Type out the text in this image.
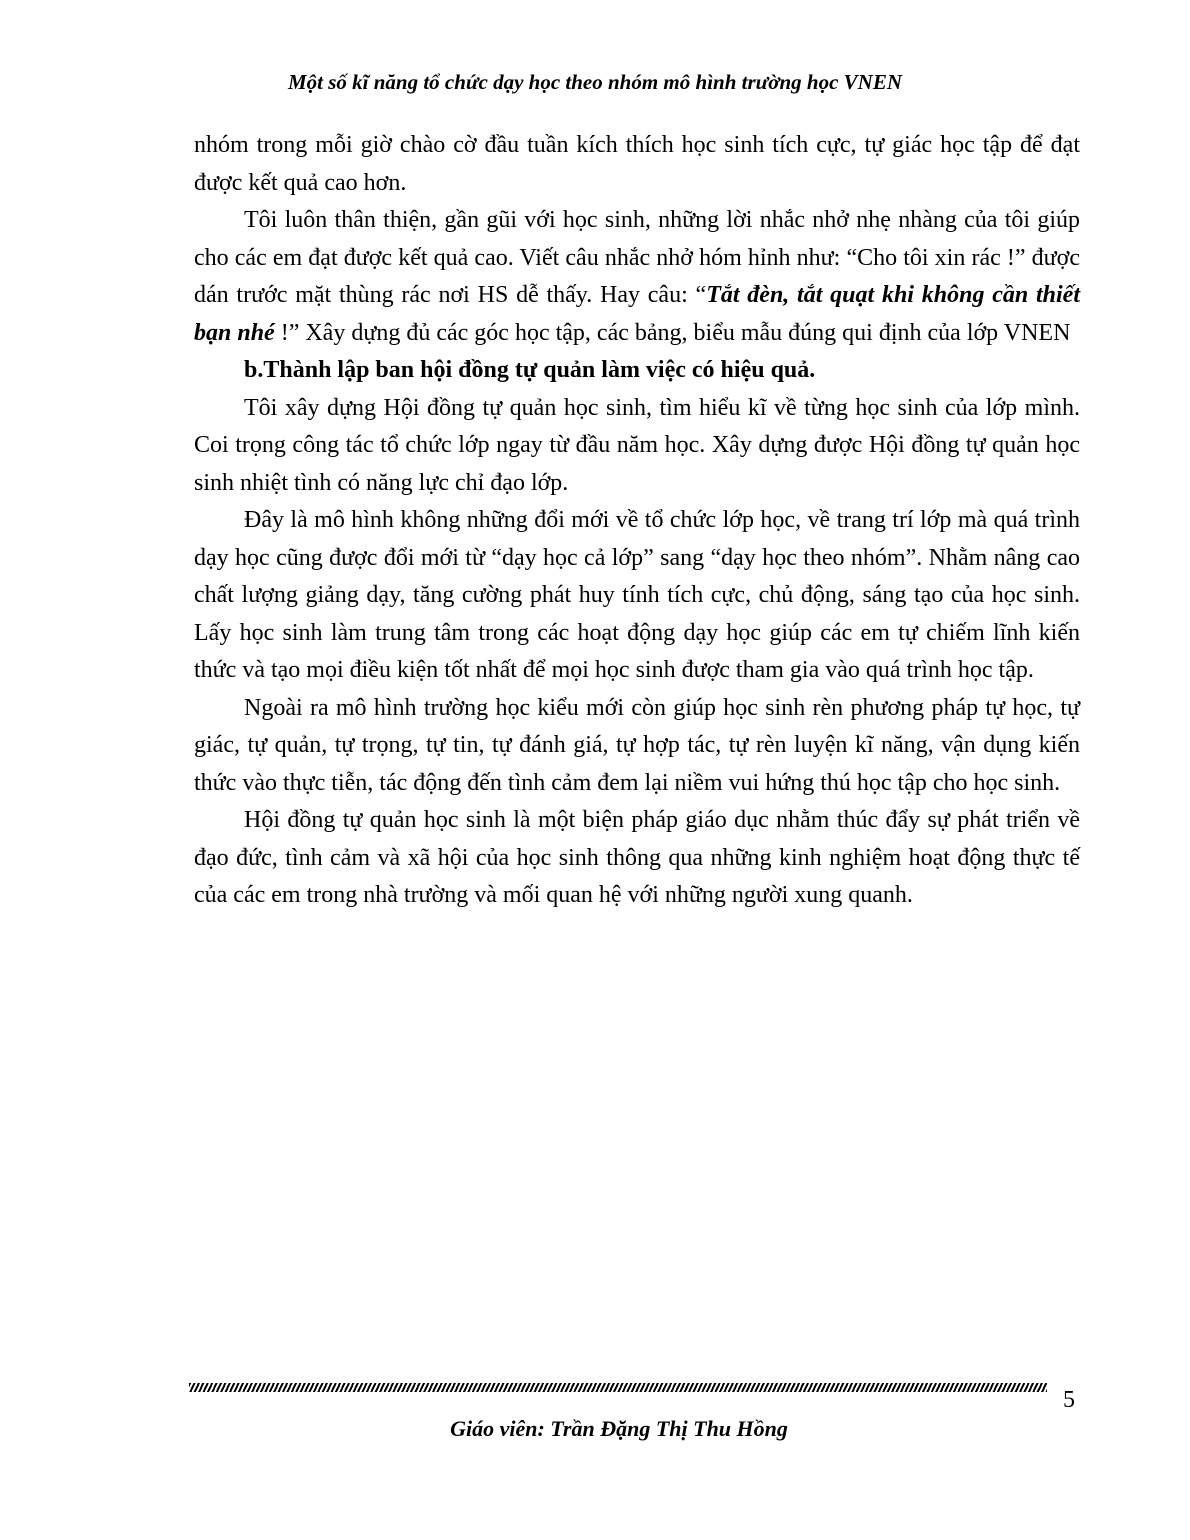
Một số kĩ năng tổ chức dạy học theo nhóm mô hình trường học VNEN

nhóm trong mỗi giờ chào cờ đầu tuần kích thích học sinh tích cực, tự giác học tập để đạt được kết quả cao hơn.

Tôi luôn thân thiện, gần gũi với học sinh, những lời nhắc nhở nhẹ nhàng của tôi giúp cho các em đạt được kết quả cao. Viết câu nhắc nhở hóm hỉnh như: “Cho tôi xin rác !” được dán trước mặt thùng rác nơi HS dễ thấy. Hay câu: “Tắt đèn, tắt quạt khi không cần thiết bạn nhé !” Xây dựng đủ các góc học tập, các bảng, biểu mẫu đúng qui định của lớp VNEN

b.Thành lập ban hội đồng tự quản làm việc có hiệu quả.

Tôi xây dựng Hội đồng tự quản học sinh, tìm hiểu kĩ về từng học sinh của lớp mình. Coi trọng công tác tổ chức lớp ngay từ đầu năm học. Xây dựng được Hội đồng tự quản học sinh nhiệt tình có năng lực chỉ đạo lớp.

Đây là mô hình không những đổi mới về tổ chức lớp học, về trang trí lớp mà quá trình dạy học cũng được đổi mới từ “dạy học cả lớp” sang “dạy học theo nhóm”. Nhằm nâng cao chất lượng giảng dạy, tăng cường phát huy tính tích cực, chủ động, sáng tạo của học sinh. Lấy học sinh làm trung tâm trong các hoạt động dạy học giúp các em tự chiếm lĩnh kiến thức và tạo mọi điều kiện tốt nhất để mọi học sinh được tham gia vào quá trình học tập.

Ngoài ra mô hình trường học kiểu mới còn giúp học sinh rèn phương pháp tự học, tự giác, tự quản, tự trọng, tự tin, tự đánh giá, tự hợp tác, tự rèn luyện kĩ năng, vận dụng kiến thức vào thực tiễn, tác động đến tình cảm đem lại niềm vui hứng thú học tập cho học sinh.

Hội đồng tự quản học sinh là một biện pháp giáo dục nhằm thúc đẩy sự phát triển về đạo đức, tình cảm và xã hội của học sinh thông qua những kinh nghiệm hoạt động thực tế của các em trong nhà trường và mối quan hệ với những người xung quanh.

5
Giáo viên: Trần Đặng Thị Thu Hồng
